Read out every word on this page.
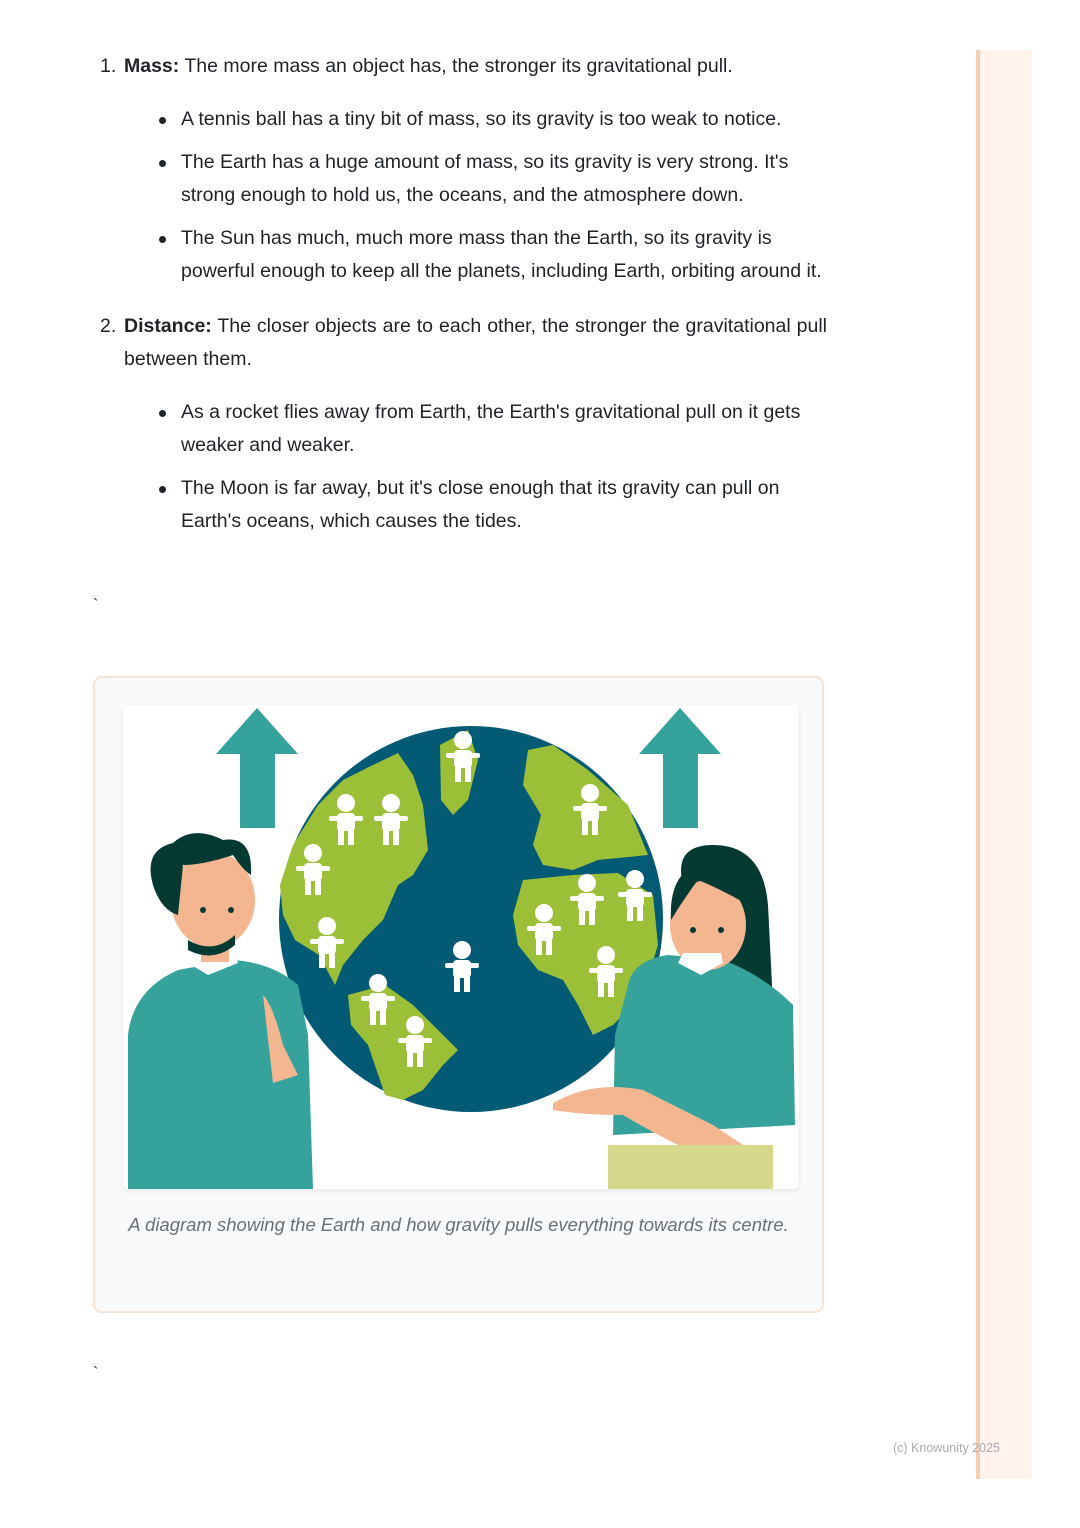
1. Mass: The more mass an object has, the stronger its gravitational pull.
A tennis ball has a tiny bit of mass, so its gravity is too weak to notice.
The Earth has a huge amount of mass, so its gravity is very strong. It's strong enough to hold us, the oceans, and the atmosphere down.
The Sun has much, much more mass than the Earth, so its gravity is powerful enough to keep all the planets, including Earth, orbiting around it.
2. Distance: The closer objects are to each other, the stronger the gravitational pull between them.
As a rocket flies away from Earth, the Earth's gravitational pull on it gets weaker and weaker.
The Moon is far away, but it's close enough that its gravity can pull on Earth's oceans, which causes the tides.
`
A diagram showing the Earth and how gravity pulls everything towards its centre.
`
(c) Knowunity 2025
